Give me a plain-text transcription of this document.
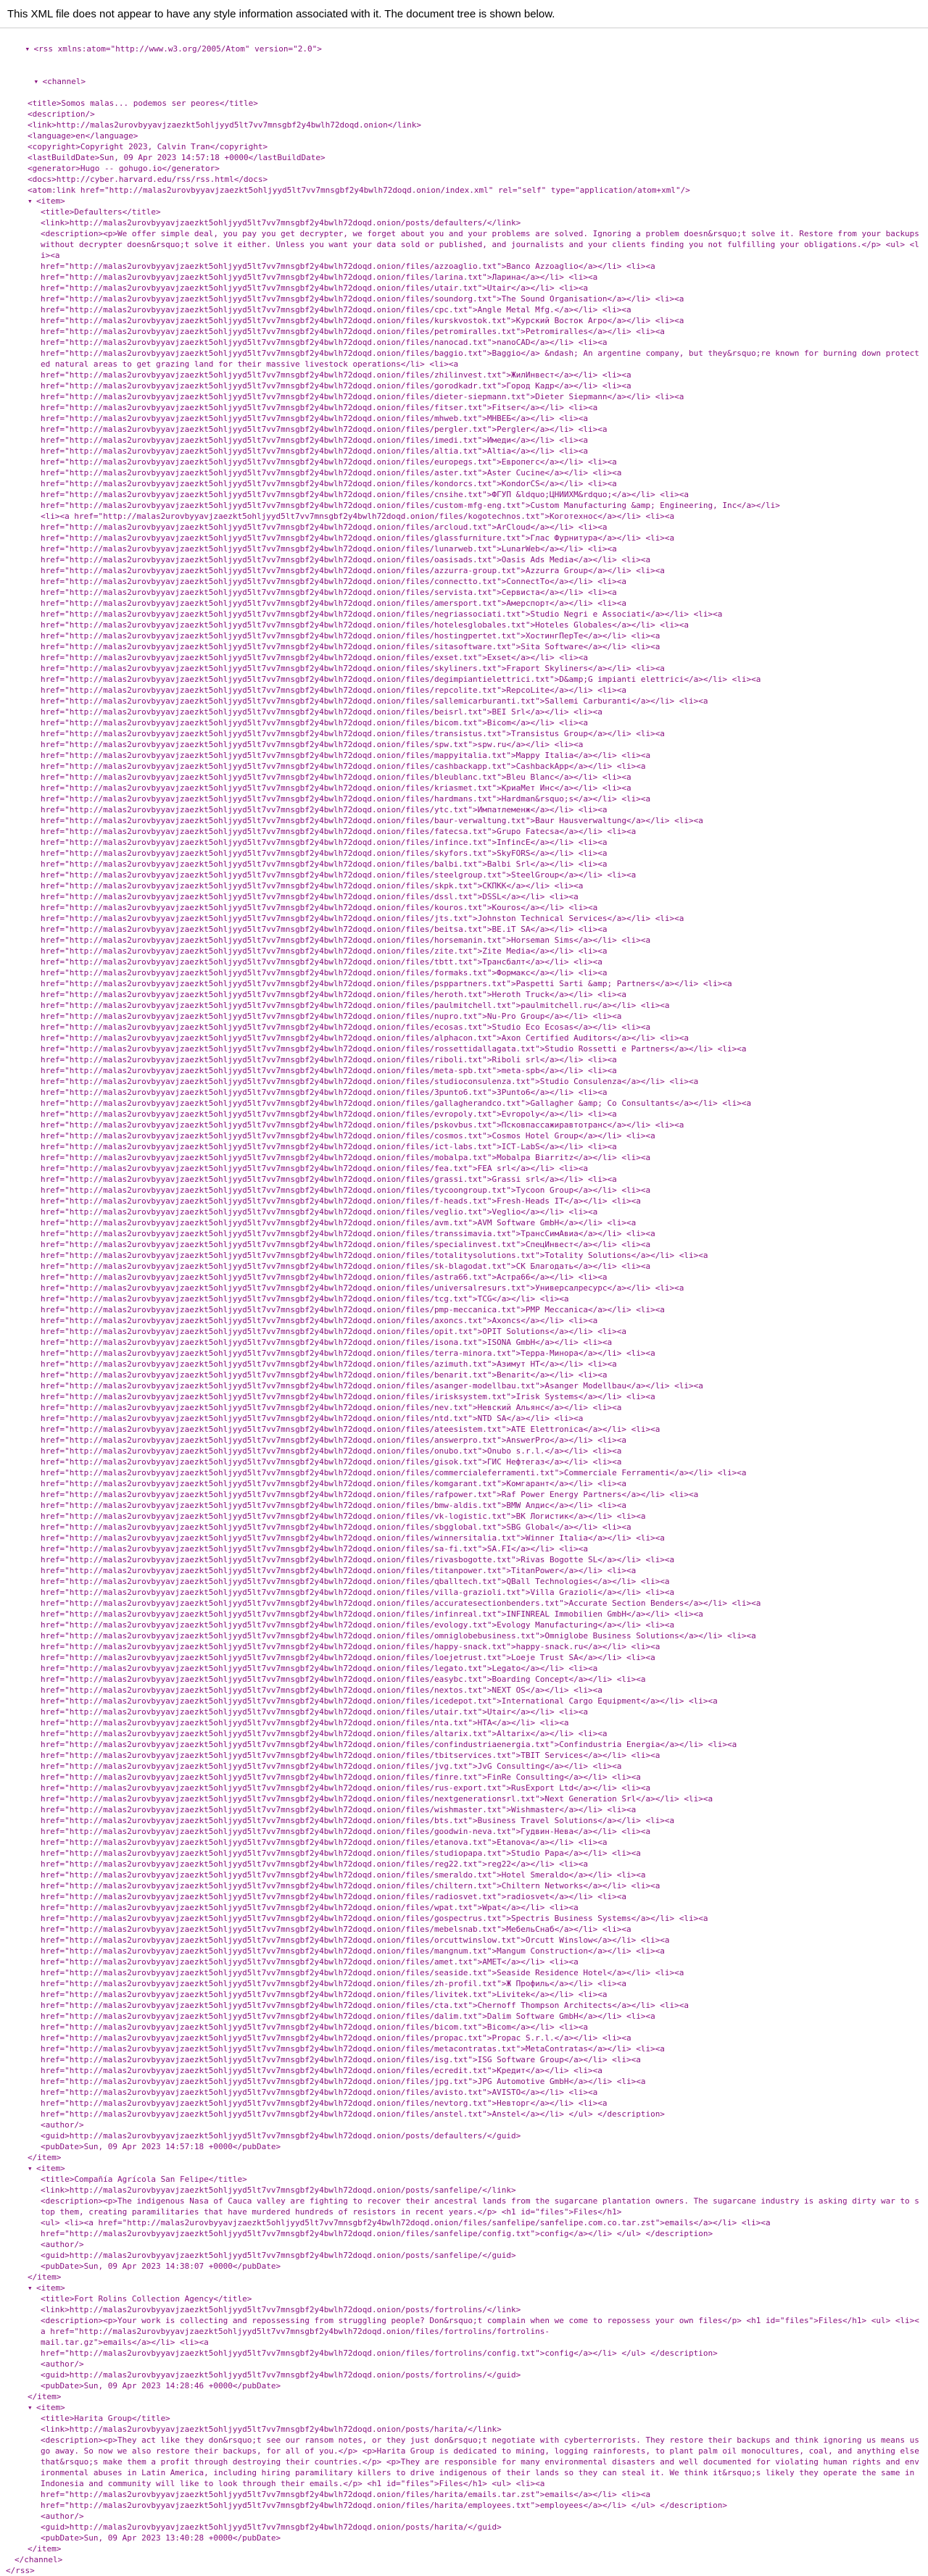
This XML file does not appear to have any style information associated with it. The document tree is shown below.

▾ <rss xmlns:atom="http://www.w3.org/2005/Atom" version="2.0">

▾ <channel>

<title>Somos malas... podemos ser peores</title>
<description/>
<link>http://malas2urovbyyavjzaezkt5ohljyyd5lt7vv7mnsgbf2y4bwlh72doqd.onion</link>
<language>en</language>
<copyright>Copyright 2023, Calvin Tran</copyright>
<lastBuildDate>Sun, 09 Apr 2023 14:57:18 +0000</lastBuildDate>
<generator>Hugo -- gohugo.io</generator>
<docs>http://cyber.harvard.edu/rss/rss.html</docs>
<atom:link href="http://malas2urovbyyavjzaezkt5ohljyyd5lt7vv7mnsgbf2y4bwlh72doqd.onion/index.xml" rel="self" type="application/atom+xml"/>
▾ <item>
<title>Defaulters</title>
<link>http://malas2urovbyyavjzaezkt5ohljyyd5lt7vv7mnsgbf2y4bwlh72doqd.onion/posts/defaulters/</link>
<description><p>We offer simple deal, you pay you get decrypter, we forget about you and your problems are solved. Ignoring a problem doesn&rsquo;t solve it. Restore from your backups without decrypter doesn&rsquo;t solve it either. Unless you want your data sold or published, and journalists and your clients finding you not fulfilling your obligations.</p> <ul> <li><a
href="http://malas2urovbyyavjzaezkt5ohljyyd5lt7vv7mnsgbf2y4bwlh72doqd.onion/files/azzoaglio.txt">Banco Azzoaglio</a></li> <li><a
href="http://malas2urovbyyavjzaezkt5ohljyyd5lt7vv7mnsgbf2y4bwlh72doqd.onion/files/larina.txt">Ларина</a></li> <li><a
href="http://malas2urovbyyavjzaezkt5ohljyyd5lt7vv7mnsgbf2y4bwlh72doqd.onion/files/utair.txt">Utair</a></li> <li><a
href="http://malas2urovbyyavjzaezkt5ohljyyd5lt7vv7mnsgbf2y4bwlh72doqd.onion/files/soundorg.txt">The Sound Organisation</a></li> <li><a
href="http://malas2urovbyyavjzaezkt5ohljyyd5lt7vv7mnsgbf2y4bwlh72doqd.onion/files/cpc.txt">Angle Metal Mfg.</a></li> <li><a
href="http://malas2urovbyyavjzaezkt5ohljyyd5lt7vv7mnsgbf2y4bwlh72doqd.onion/files/kurskvostok.txt">Курский Восток Агро</a></li> <li><a
href="http://malas2urovbyyavjzaezkt5ohljyyd5lt7vv7mnsgbf2y4bwlh72doqd.onion/files/petromiralles.txt">Petromiralles</a></li> <li><a
href="http://malas2urovbyyavjzaezkt5ohljyyd5lt7vv7mnsgbf2y4bwlh72doqd.onion/files/nanocad.txt">nanoCAD</a></li> <li><a
href="http://malas2urovbyyavjzaezkt5ohljyyd5lt7vv7mnsgbf2y4bwlh72doqd.onion/files/baggio.txt">Baggio</a> &ndash; An argentine company, but they&rsquo;re known for burning down protected natural areas to get grazing land for their massive livestock operations</li> <li><a
href="http://malas2urovbyyavjzaezkt5ohljyyd5lt7vv7mnsgbf2y4bwlh72doqd.onion/files/zhilinvest.txt">ЖилИнвест</a></li> <li><a
href="http://malas2urovbyyavjzaezkt5ohljyyd5lt7vv7mnsgbf2y4bwlh72doqd.onion/files/gorodkadr.txt">Город Кадр</a></li> <li><a
href="http://malas2urovbyyavjzaezkt5ohljyyd5lt7vv7mnsgbf2y4bwlh72doqd.onion/files/dieter-siepmann.txt">Dieter Siepmann</a></li> <li><a
href="http://malas2urovbyyavjzaezkt5ohljyyd5lt7vv7mnsgbf2y4bwlh72doqd.onion/files/fitser.txt">Fitser</a></li> <li><a
href="http://malas2urovbyyavjzaezkt5ohljyyd5lt7vv7mnsgbf2y4bwlh72doqd.onion/files/mhweb.txt">МНВЕБ</a></li> <li><a
href="http://malas2urovbyyavjzaezkt5ohljyyd5lt7vv7mnsgbf2y4bwlh72doqd.onion/files/pergler.txt">Pergler</a></li> <li><a
href="http://malas2urovbyyavjzaezkt5ohljyyd5lt7vv7mnsgbf2y4bwlh72doqd.onion/files/imedi.txt">Имеди</a></li> <li><a
href="http://malas2urovbyyavjzaezkt5ohljyyd5lt7vv7mnsgbf2y4bwlh72doqd.onion/files/altia.txt">Altia</a></li> <li><a
href="http://malas2urovbyyavjzaezkt5ohljyyd5lt7vv7mnsgbf2y4bwlh72doqd.onion/files/europegs.txt">Европегс</a></li> <li><a
href="http://malas2urovbyyavjzaezkt5ohljyyd5lt7vv7mnsgbf2y4bwlh72doqd.onion/files/aster.txt">Aster Cucine</a></li> <li><a
href="http://malas2urovbyyavjzaezkt5ohljyyd5lt7vv7mnsgbf2y4bwlh72doqd.onion/files/kondorcs.txt">KondorCS</a></li> <li><a
href="http://malas2urovbyyavjzaezkt5ohljyyd5lt7vv7mnsgbf2y4bwlh72doqd.onion/files/cnsihe.txt">ФГУП &ldquo;ЦНИИХМ&rdquo;</a></li> <li><a
href="http://malas2urovbyyavjzaezkt5ohljyyd5lt7vv7mnsgbf2y4bwlh72doqd.onion/files/custom-mfg-eng.txt">Custom Manufacturing &amp; Engineering, Inc</a></li>
<li><a href="http://malas2urovbyyavjzaezkt5ohljyyd5lt7vv7mnsgbf2y4bwlh72doqd.onion/files/kogotechnos.txt">Коготехнос</a></li> <li><a
href="http://malas2urovbyyavjzaezkt5ohljyyd5lt7vv7mnsgbf2y4bwlh72doqd.onion/files/arcloud.txt">ArCloud</a></li> <li><a
href="http://malas2urovbyyavjzaezkt5ohljyyd5lt7vv7mnsgbf2y4bwlh72doqd.onion/files/glassfurniture.txt">Глас Фурнитура</a></li> <li><a
href="http://malas2urovbyyavjzaezkt5ohljyyd5lt7vv7mnsgbf2y4bwlh72doqd.onion/files/lunarweb.txt">LunarWeb</a></li> <li><a
href="http://malas2urovbyyavjzaezkt5ohljyyd5lt7vv7mnsgbf2y4bwlh72doqd.onion/files/oasisads.txt">Oasis Ads Media</a></li> <li><a
href="http://malas2urovbyyavjzaezkt5ohljyyd5lt7vv7mnsgbf2y4bwlh72doqd.onion/files/azzurra-group.txt">Azzurra Group</a></li> <li><a
href="http://malas2urovbyyavjzaezkt5ohljyyd5lt7vv7mnsgbf2y4bwlh72doqd.onion/files/connectto.txt">ConnectTo</a></li> <li><a
href="http://malas2urovbyyavjzaezkt5ohljyyd5lt7vv7mnsgbf2y4bwlh72doqd.onion/files/servista.txt">Сервиста</a></li> <li><a
href="http://malas2urovbyyavjzaezkt5ohljyyd5lt7vv7mnsgbf2y4bwlh72doqd.onion/files/amersport.txt">Амерспорт</a></li> <li><a
href="http://malas2urovbyyavjzaezkt5ohljyyd5lt7vv7mnsgbf2y4bwlh72doqd.onion/files/negriassociati.txt">Studio Negri e Associati</a></li> <li><a
href="http://malas2urovbyyavjzaezkt5ohljyyd5lt7vv7mnsgbf2y4bwlh72doqd.onion/files/hotelesglobales.txt">Hoteles Globales</a></li> <li><a
href="http://malas2urovbyyavjzaezkt5ohljyyd5lt7vv7mnsgbf2y4bwlh72doqd.onion/files/hostingpertet.txt">ХостингПерТе</a></li> <li><a
href="http://malas2urovbyyavjzaezkt5ohljyyd5lt7vv7mnsgbf2y4bwlh72doqd.onion/files/sitasoftware.txt">Sita Software</a></li> <li><a
href="http://malas2urovbyyavjzaezkt5ohljyyd5lt7vv7mnsgbf2y4bwlh72doqd.onion/files/exset.txt">Exset</a></li> <li><a
href="http://malas2urovbyyavjzaezkt5ohljyyd5lt7vv7mnsgbf2y4bwlh72doqd.onion/files/skyliners.txt">Fraport Skyliners</a></li> <li><a
href="http://malas2urovbyyavjzaezkt5ohljyyd5lt7vv7mnsgbf2y4bwlh72doqd.onion/files/degimpiantielettrici.txt">D&amp;G impianti elettrici</a></li> <li><a
href="http://malas2urovbyyavjzaezkt5ohljyyd5lt7vv7mnsgbf2y4bwlh72doqd.onion/files/repcolite.txt">RepcoLite</a></li> <li><a
href="http://malas2urovbyyavjzaezkt5ohljyyd5lt7vv7mnsgbf2y4bwlh72doqd.onion/files/sallemicarburanti.txt">Sallemi Carburanti</a></li> <li><a
href="http://malas2urovbyyavjzaezkt5ohljyyd5lt7vv7mnsgbf2y4bwlh72doqd.onion/files/beisrl.txt">BEI Srl</a></li> <li><a
href="http://malas2urovbyyavjzaezkt5ohljyyd5lt7vv7mnsgbf2y4bwlh72doqd.onion/files/bicom.txt">Bicom</a></li> <li><a
href="http://malas2urovbyyavjzaezkt5ohljyyd5lt7vv7mnsgbf2y4bwlh72doqd.onion/files/transistus.txt">Transistus Group</a></li> <li><a
href="http://malas2urovbyyavjzaezkt5ohljyyd5lt7vv7mnsgbf2y4bwlh72doqd.onion/files/spw.txt">spw.ru</a></li> <li><a
href="http://malas2urovbyyavjzaezkt5ohljyyd5lt7vv7mnsgbf2y4bwlh72doqd.onion/files/mappyitalia.txt">Mappy Italia</a></li> <li><a
href="http://malas2urovbyyavjzaezkt5ohljyyd5lt7vv7mnsgbf2y4bwlh72doqd.onion/files/cashbackapp.txt">CashbackApp</a></li> <li><a
href="http://malas2urovbyyavjzaezkt5ohljyyd5lt7vv7mnsgbf2y4bwlh72doqd.onion/files/bleublanc.txt">Bleu Blanc</a></li> <li><a
href="http://malas2urovbyyavjzaezkt5ohljyyd5lt7vv7mnsgbf2y4bwlh72doqd.onion/files/kriasmet.txt">КриаМет Инс</a></li> <li><a
href="http://malas2urovbyyavjzaezkt5ohljyyd5lt7vv7mnsgbf2y4bwlh72doqd.onion/files/hardmans.txt">Hardman&rsquo;s</a></li> <li><a
href="http://malas2urovbyyavjzaezkt5ohljyyd5lt7vv7mnsgbf2y4bwlh72doqd.onion/files/ytc.txt">Импатлеменж</a></li> <li><a
href="http://malas2urovbyyavjzaezkt5ohljyyd5lt7vv7mnsgbf2y4bwlh72doqd.onion/files/baur-verwaltung.txt">Baur Hausverwaltung</a></li> <li><a
href="http://malas2urovbyyavjzaezkt5ohljyyd5lt7vv7mnsgbf2y4bwlh72doqd.onion/files/fatecsa.txt">Grupo Fatecsa</a></li> <li><a
href="http://malas2urovbyyavjzaezkt5ohljyyd5lt7vv7mnsgbf2y4bwlh72doqd.onion/files/infince.txt">InfincE</a></li> <li><a
href="http://malas2urovbyyavjzaezkt5ohljyyd5lt7vv7mnsgbf2y4bwlh72doqd.onion/files/skyfors.txt">SkyFORS</a></li> <li><a
href="http://malas2urovbyyavjzaezkt5ohljyyd5lt7vv7mnsgbf2y4bwlh72doqd.onion/files/balbi.txt">Balbi Srl</a></li> <li><a
href="http://malas2urovbyyavjzaezkt5ohljyyd5lt7vv7mnsgbf2y4bwlh72doqd.onion/files/steelgroup.txt">SteelGroup</a></li> <li><a
href="http://malas2urovbyyavjzaezkt5ohljyyd5lt7vv7mnsgbf2y4bwlh72doqd.onion/files/skpk.txt">СКПКК</a></li> <li><a
href="http://malas2urovbyyavjzaezkt5ohljyyd5lt7vv7mnsgbf2y4bwlh72doqd.onion/files/dssl.txt">DSSL</a></li> <li><a
href="http://malas2urovbyyavjzaezkt5ohljyyd5lt7vv7mnsgbf2y4bwlh72doqd.onion/files/kouros.txt">Kouros</a></li> <li><a
href="http://malas2urovbyyavjzaezkt5ohljyyd5lt7vv7mnsgbf2y4bwlh72doqd.onion/files/jts.txt">Johnston Technical Services</a></li> <li><a
href="http://malas2urovbyyavjzaezkt5ohljyyd5lt7vv7mnsgbf2y4bwlh72doqd.onion/files/beitsa.txt">BE.iT SA</a></li> <li><a
href="http://malas2urovbyyavjzaezkt5ohljyyd5lt7vv7mnsgbf2y4bwlh72doqd.onion/files/horsemanin.txt">Horseman Sims</a></li> <li><a
href="http://malas2urovbyyavjzaezkt5ohljyyd5lt7vv7mnsgbf2y4bwlh72doqd.onion/files/zite.txt">Zite Media</a></li> <li><a
href="http://malas2urovbyyavjzaezkt5ohljyyd5lt7vv7mnsgbf2y4bwlh72doqd.onion/files/tbtt.txt">Трансбалт</a></li> <li><a
href="http://malas2urovbyyavjzaezkt5ohljyyd5lt7vv7mnsgbf2y4bwlh72doqd.onion/files/formaks.txt">Формакс</a></li> <li><a
href="http://malas2urovbyyavjzaezkt5ohljyyd5lt7vv7mnsgbf2y4bwlh72doqd.onion/files/psppartners.txt">Paspetti Sarti &amp; Partners</a></li> <li><a
href="http://malas2urovbyyavjzaezkt5ohljyyd5lt7vv7mnsgbf2y4bwlh72doqd.onion/files/heroth.txt">Heroth Truck</a></li> <li><a
href="http://malas2urovbyyavjzaezkt5ohljyyd5lt7vv7mnsgbf2y4bwlh72doqd.onion/files/paulmitchell.txt">paulmitchell.ru</a></li> <li><a
href="http://malas2urovbyyavjzaezkt5ohljyyd5lt7vv7mnsgbf2y4bwlh72doqd.onion/files/nupro.txt">Nu-Pro Group</a></li> <li><a
href="http://malas2urovbyyavjzaezkt5ohljyyd5lt7vv7mnsgbf2y4bwlh72doqd.onion/files/ecosas.txt">Studio Eco Ecosas</a></li> <li><a
href="http://malas2urovbyyavjzaezkt5ohljyyd5lt7vv7mnsgbf2y4bwlh72doqd.onion/files/alphacon.txt">Axon Certified Auditors</a></li> <li><a
href="http://malas2urovbyyavjzaezkt5ohljyyd5lt7vv7mnsgbf2y4bwlh72doqd.onion/files/rossettidallagata.txt">Studio Rossetti e Partners</a></li> <li><a
href="http://malas2urovbyyavjzaezkt5ohljyyd5lt7vv7mnsgbf2y4bwlh72doqd.onion/files/riboli.txt">Riboli srl</a></li> <li><a
href="http://malas2urovbyyavjzaezkt5ohljyyd5lt7vv7mnsgbf2y4bwlh72doqd.onion/files/meta-spb.txt">meta-spb</a></li> <li><a
href="http://malas2urovbyyavjzaezkt5ohljyyd5lt7vv7mnsgbf2y4bwlh72doqd.onion/files/studioconsulenza.txt">Studio Consulenza</a></li> <li><a
href="http://malas2urovbyyavjzaezkt5ohljyyd5lt7vv7mnsgbf2y4bwlh72doqd.onion/files/3punto6.txt">3Punto6</a></li> <li><a
href="http://malas2urovbyyavjzaezkt5ohljyyd5lt7vv7mnsgbf2y4bwlh72doqd.onion/files/gallagherandco.txt">Gallagher &amp; Co Consultants</a></li> <li><a
href="http://malas2urovbyyavjzaezkt5ohljyyd5lt7vv7mnsgbf2y4bwlh72doqd.onion/files/evropoly.txt">Evropoly</a></li> <li><a
href="http://malas2urovbyyavjzaezkt5ohljyyd5lt7vv7mnsgbf2y4bwlh72doqd.onion/files/pskovbus.txt">Псковпассажиравтотранс</a></li> <li><a
href="http://malas2urovbyyavjzaezkt5ohljyyd5lt7vv7mnsgbf2y4bwlh72doqd.onion/files/cosmos.txt">Cosmos Hotel Group</a></li> <li><a
href="http://malas2urovbyyavjzaezkt5ohljyyd5lt7vv7mnsgbf2y4bwlh72doqd.onion/files/ict-labs.txt">ICT-LabS</a></li> <li><a
href="http://malas2urovbyyavjzaezkt5ohljyyd5lt7vv7mnsgbf2y4bwlh72doqd.onion/files/mobalpa.txt">Mobalpa Biarritz</a></li> <li><a
href="http://malas2urovbyyavjzaezkt5ohljyyd5lt7vv7mnsgbf2y4bwlh72doqd.onion/files/fea.txt">FEA srl</a></li> <li><a
href="http://malas2urovbyyavjzaezkt5ohljyyd5lt7vv7mnsgbf2y4bwlh72doqd.onion/files/grassi.txt">Grassi srl</a></li> <li><a
href="http://malas2urovbyyavjzaezkt5ohljyyd5lt7vv7mnsgbf2y4bwlh72doqd.onion/files/tycoongroup.txt">Tycoon Group</a></li> <li><a
href="http://malas2urovbyyavjzaezkt5ohljyyd5lt7vv7mnsgbf2y4bwlh72doqd.onion/files/f-heads.txt">Fresh-Heads IT</a></li> <li><a
href="http://malas2urovbyyavjzaezkt5ohljyyd5lt7vv7mnsgbf2y4bwlh72doqd.onion/files/veglio.txt">Veglio</a></li> <li><a
href="http://malas2urovbyyavjzaezkt5ohljyyd5lt7vv7mnsgbf2y4bwlh72doqd.onion/files/avm.txt">AVM Software GmbH</a></li> <li><a
href="http://malas2urovbyyavjzaezkt5ohljyyd5lt7vv7mnsgbf2y4bwlh72doqd.onion/files/transsimavia.txt">ТрансСимАвиа</a></li> <li><a
href="http://malas2urovbyyavjzaezkt5ohljyyd5lt7vv7mnsgbf2y4bwlh72doqd.onion/files/specialinvest.txt">СпецИнвест</a></li> <li><a
href="http://malas2urovbyyavjzaezkt5ohljyyd5lt7vv7mnsgbf2y4bwlh72doqd.onion/files/totalitysolutions.txt">Totality Solutions</a></li> <li><a
href="http://malas2urovbyyavjzaezkt5ohljyyd5lt7vv7mnsgbf2y4bwlh72doqd.onion/files/sk-blagodat.txt">СК Благодать</a></li> <li><a
href="http://malas2urovbyyavjzaezkt5ohljyyd5lt7vv7mnsgbf2y4bwlh72doqd.onion/files/astra66.txt">Астра66</a></li> <li><a
href="http://malas2urovbyyavjzaezkt5ohljyyd5lt7vv7mnsgbf2y4bwlh72doqd.onion/files/universalresurs.txt">Универсалресурс</a></li> <li><a
href="http://malas2urovbyyavjzaezkt5ohljyyd5lt7vv7mnsgbf2y4bwlh72doqd.onion/files/tcg.txt">TCG</a></li> <li><a
href="http://malas2urovbyyavjzaezkt5ohljyyd5lt7vv7mnsgbf2y4bwlh72doqd.onion/files/pmp-meccanica.txt">PMP Meccanica</a></li> <li><a
href="http://malas2urovbyyavjzaezkt5ohljyyd5lt7vv7mnsgbf2y4bwlh72doqd.onion/files/axoncs.txt">Axoncs</a></li> <li><a
href="http://malas2urovbyyavjzaezkt5ohljyyd5lt7vv7mnsgbf2y4bwlh72doqd.onion/files/opit.txt">OPIT Solutions</a></li> <li><a
href="http://malas2urovbyyavjzaezkt5ohljyyd5lt7vv7mnsgbf2y4bwlh72doqd.onion/files/isona.txt">ISONA GmbH</a></li> <li><a
href="http://malas2urovbyyavjzaezkt5ohljyyd5lt7vv7mnsgbf2y4bwlh72doqd.onion/files/terra-minora.txt">Терра-Минора</a></li> <li><a
href="http://malas2urovbyyavjzaezkt5ohljyyd5lt7vv7mnsgbf2y4bwlh72doqd.onion/files/azimuth.txt">Азимут НТ</a></li> <li><a
href="http://malas2urovbyyavjzaezkt5ohljyyd5lt7vv7mnsgbf2y4bwlh72doqd.onion/files/benarit.txt">Benarit</a></li> <li><a
href="http://malas2urovbyyavjzaezkt5ohljyyd5lt7vv7mnsgbf2y4bwlh72doqd.onion/files/asanger-modellbau.txt">Asanger Modellbau</a></li> <li><a
href="http://malas2urovbyyavjzaezkt5ohljyyd5lt7vv7mnsgbf2y4bwlh72doqd.onion/files/irisksystem.txt">Irisk Systems</a></li> <li><a
href="http://malas2urovbyyavjzaezkt5ohljyyd5lt7vv7mnsgbf2y4bwlh72doqd.onion/files/nev.txt">Невский Альянс</a></li> <li><a
href="http://malas2urovbyyavjzaezkt5ohljyyd5lt7vv7mnsgbf2y4bwlh72doqd.onion/files/ntd.txt">NTD SA</a></li> <li><a
href="http://malas2urovbyyavjzaezkt5ohljyyd5lt7vv7mnsgbf2y4bwlh72doqd.onion/files/ateesistem.txt">ATE Elettronica</a></li> <li><a
href="http://malas2urovbyyavjzaezkt5ohljyyd5lt7vv7mnsgbf2y4bwlh72doqd.onion/files/answerpro.txt">AnswerPro</a></li> <li><a
href="http://malas2urovbyyavjzaezkt5ohljyyd5lt7vv7mnsgbf2y4bwlh72doqd.onion/files/onubo.txt">Onubo s.r.l.</a></li> <li><a
href="http://malas2urovbyyavjzaezkt5ohljyyd5lt7vv7mnsgbf2y4bwlh72doqd.onion/files/gisok.txt">ГИС Нефтегаз</a></li> <li><a
href="http://malas2urovbyyavjzaezkt5ohljyyd5lt7vv7mnsgbf2y4bwlh72doqd.onion/files/commercialeferramenti.txt">Commerciale Ferramenti</a></li> <li><a
href="http://malas2urovbyyavjzaezkt5ohljyyd5lt7vv7mnsgbf2y4bwlh72doqd.onion/files/komgarant.txt">Комгарант</a></li> <li><a
href="http://malas2urovbyyavjzaezkt5ohljyyd5lt7vv7mnsgbf2y4bwlh72doqd.onion/files/rafpower.txt">Raf Power Energy Partners</a></li> <li><a
href="http://malas2urovbyyavjzaezkt5ohljyyd5lt7vv7mnsgbf2y4bwlh72doqd.onion/files/bmw-aldis.txt">BMW Алдис</a></li> <li><a
href="http://malas2urovbyyavjzaezkt5ohljyyd5lt7vv7mnsgbf2y4bwlh72doqd.onion/files/vk-logistic.txt">ВК Логистик</a></li> <li><a
href="http://malas2urovbyyavjzaezkt5ohljyyd5lt7vv7mnsgbf2y4bwlh72doqd.onion/files/sbgglobal.txt">SBG Global</a></li> <li><a
href="http://malas2urovbyyavjzaezkt5ohljyyd5lt7vv7mnsgbf2y4bwlh72doqd.onion/files/winnersitalia.txt">Winner Italia</a></li> <li><a
href="http://malas2urovbyyavjzaezkt5ohljyyd5lt7vv7mnsgbf2y4bwlh72doqd.onion/files/sa-fi.txt">SA.FI</a></li> <li><a
href="http://malas2urovbyyavjzaezkt5ohljyyd5lt7vv7mnsgbf2y4bwlh72doqd.onion/files/rivasbogotte.txt">Rivas Bogotte SL</a></li> <li><a
href="http://malas2urovbyyavjzaezkt5ohljyyd5lt7vv7mnsgbf2y4bwlh72doqd.onion/files/titanpower.txt">TitanPower</a></li> <li><a
href="http://malas2urovbyyavjzaezkt5ohljyyd5lt7vv7mnsgbf2y4bwlh72doqd.onion/files/qballtech.txt">QBall Technologies</a></li> <li><a
href="http://malas2urovbyyavjzaezkt5ohljyyd5lt7vv7mnsgbf2y4bwlh72doqd.onion/files/villa-grazioli.txt">Villa Grazioli</a></li> <li><a
href="http://malas2urovbyyavjzaezkt5ohljyyd5lt7vv7mnsgbf2y4bwlh72doqd.onion/files/accuratesectionbenders.txt">Accurate Section Benders</a></li> <li><a
href="http://malas2urovbyyavjzaezkt5ohljyyd5lt7vv7mnsgbf2y4bwlh72doqd.onion/files/infinreal.txt">INFINREAL Immobilien GmbH</a></li> <li><a
href="http://malas2urovbyyavjzaezkt5ohljyyd5lt7vv7mnsgbf2y4bwlh72doqd.onion/files/evology.txt">Evology Manufacturing</a></li> <li><a
href="http://malas2urovbyyavjzaezkt5ohljyyd5lt7vv7mnsgbf2y4bwlh72doqd.onion/files/omniglobebusiness.txt">Omniglobe Business Solutions</a></li> <li><a
href="http://malas2urovbyyavjzaezkt5ohljyyd5lt7vv7mnsgbf2y4bwlh72doqd.onion/files/happy-snack.txt">happy-snack.ru</a></li> <li><a
href="http://malas2urovbyyavjzaezkt5ohljyyd5lt7vv7mnsgbf2y4bwlh72doqd.onion/files/loejetrust.txt">Loeje Trust SA</a></li> <li><a
href="http://malas2urovbyyavjzaezkt5ohljyyd5lt7vv7mnsgbf2y4bwlh72doqd.onion/files/legato.txt">Legato</a></li> <li><a
href="http://malas2urovbyyavjzaezkt5ohljyyd5lt7vv7mnsgbf2y4bwlh72doqd.onion/files/easybc.txt">Boarding Concept</a></li> <li><a
href="http://malas2urovbyyavjzaezkt5ohljyyd5lt7vv7mnsgbf2y4bwlh72doqd.onion/files/nextos.txt">NEXT OS</a></li> <li><a
href="http://malas2urovbyyavjzaezkt5ohljyyd5lt7vv7mnsgbf2y4bwlh72doqd.onion/files/icedepot.txt">International Cargo Equipment</a></li> <li><a
href="http://malas2urovbyyavjzaezkt5ohljyyd5lt7vv7mnsgbf2y4bwlh72doqd.onion/files/utair.txt">Utair</a></li> <li><a
href="http://malas2urovbyyavjzaezkt5ohljyyd5lt7vv7mnsgbf2y4bwlh72doqd.onion/files/nta.txt">НТА</a></li> <li><a
href="http://malas2urovbyyavjzaezkt5ohljyyd5lt7vv7mnsgbf2y4bwlh72doqd.onion/files/altarix.txt">Altarix</a></li> <li><a
href="http://malas2urovbyyavjzaezkt5ohljyyd5lt7vv7mnsgbf2y4bwlh72doqd.onion/files/confindustriaenergia.txt">Confindustria Energia</a></li> <li><a
href="http://malas2urovbyyavjzaezkt5ohljyyd5lt7vv7mnsgbf2y4bwlh72doqd.onion/files/tbitservices.txt">TBIT Services</a></li> <li><a
href="http://malas2urovbyyavjzaezkt5ohljyyd5lt7vv7mnsgbf2y4bwlh72doqd.onion/files/jvg.txt">JvG Consulting</a></li> <li><a
href="http://malas2urovbyyavjzaezkt5ohljyyd5lt7vv7mnsgbf2y4bwlh72doqd.onion/files/finre.txt">FinRe Consulting</a></li> <li><a
href="http://malas2urovbyyavjzaezkt5ohljyyd5lt7vv7mnsgbf2y4bwlh72doqd.onion/files/rus-export.txt">RusExport Ltd</a></li> <li><a
href="http://malas2urovbyyavjzaezkt5ohljyyd5lt7vv7mnsgbf2y4bwlh72doqd.onion/files/nextgenerationsrl.txt">Next Generation Srl</a></li> <li><a
href="http://malas2urovbyyavjzaezkt5ohljyyd5lt7vv7mnsgbf2y4bwlh72doqd.onion/files/wishmaster.txt">Wishmaster</a></li> <li><a
href="http://malas2urovbyyavjzaezkt5ohljyyd5lt7vv7mnsgbf2y4bwlh72doqd.onion/files/bts.txt">Business Travel Solutions</a></li> <li><a
href="http://malas2urovbyyavjzaezkt5ohljyyd5lt7vv7mnsgbf2y4bwlh72doqd.onion/files/goodwin-neva.txt">Гудвин-Нева</a></li> <li><a
href="http://malas2urovbyyavjzaezkt5ohljyyd5lt7vv7mnsgbf2y4bwlh72doqd.onion/files/etanova.txt">Etanova</a></li> <li><a
href="http://malas2urovbyyavjzaezkt5ohljyyd5lt7vv7mnsgbf2y4bwlh72doqd.onion/files/studiopapa.txt">Studio Papa</a></li> <li><a
href="http://malas2urovbyyavjzaezkt5ohljyyd5lt7vv7mnsgbf2y4bwlh72doqd.onion/files/reg22.txt">reg22</a></li> <li><a
href="http://malas2urovbyyavjzaezkt5ohljyyd5lt7vv7mnsgbf2y4bwlh72doqd.onion/files/smeraldo.txt">Hotel Smeraldo</a></li> <li><a
href="http://malas2urovbyyavjzaezkt5ohljyyd5lt7vv7mnsgbf2y4bwlh72doqd.onion/files/chiltern.txt">Chiltern Networks</a></li> <li><a
href="http://malas2urovbyyavjzaezkt5ohljyyd5lt7vv7mnsgbf2y4bwlh72doqd.onion/files/radiosvet.txt">radiosvet</a></li> <li><a
href="http://malas2urovbyyavjzaezkt5ohljyyd5lt7vv7mnsgbf2y4bwlh72doqd.onion/files/wpat.txt">Wpat</a></li> <li><a
href="http://malas2urovbyyavjzaezkt5ohljyyd5lt7vv7mnsgbf2y4bwlh72doqd.onion/files/gospectrus.txt">Spectris Business Systems</a></li> <li><a
href="http://malas2urovbyyavjzaezkt5ohljyyd5lt7vv7mnsgbf2y4bwlh72doqd.onion/files/mebelsnab.txt">МебельСнаб</a></li> <li><a
href="http://malas2urovbyyavjzaezkt5ohljyyd5lt7vv7mnsgbf2y4bwlh72doqd.onion/files/orcuttwinslow.txt">Orcutt Winslow</a></li> <li><a
href="http://malas2urovbyyavjzaezkt5ohljyyd5lt7vv7mnsgbf2y4bwlh72doqd.onion/files/mangnum.txt">Mangum Construction</a></li> <li><a
href="http://malas2urovbyyavjzaezkt5ohljyyd5lt7vv7mnsgbf2y4bwlh72doqd.onion/files/amet.txt">AMET</a></li> <li><a
href="http://malas2urovbyyavjzaezkt5ohljyyd5lt7vv7mnsgbf2y4bwlh72doqd.onion/files/seaside.txt">Seaside Residence Hotel</a></li> <li><a
href="http://malas2urovbyyavjzaezkt5ohljyyd5lt7vv7mnsgbf2y4bwlh72doqd.onion/files/zh-profil.txt">Ж Профиль</a></li> <li><a
href="http://malas2urovbyyavjzaezkt5ohljyyd5lt7vv7mnsgbf2y4bwlh72doqd.onion/files/livitek.txt">Livitek</a></li> <li><a
href="http://malas2urovbyyavjzaezkt5ohljyyd5lt7vv7mnsgbf2y4bwlh72doqd.onion/files/cta.txt">Chernoff Thompson Architects</a></li> <li><a
href="http://malas2urovbyyavjzaezkt5ohljyyd5lt7vv7mnsgbf2y4bwlh72doqd.onion/files/dalim.txt">Dalim Software GmbH</a></li> <li><a
href="http://malas2urovbyyavjzaezkt5ohljyyd5lt7vv7mnsgbf2y4bwlh72doqd.onion/files/bicom.txt">Bicom</a></li> <li><a
href="http://malas2urovbyyavjzaezkt5ohljyyd5lt7vv7mnsgbf2y4bwlh72doqd.onion/files/propac.txt">Propac S.r.l.</a></li> <li><a
href="http://malas2urovbyyavjzaezkt5ohljyyd5lt7vv7mnsgbf2y4bwlh72doqd.onion/files/metacontratas.txt">MetaContratas</a></li> <li><a
href="http://malas2urovbyyavjzaezkt5ohljyyd5lt7vv7mnsgbf2y4bwlh72doqd.onion/files/isg.txt">ISG Software Group</a></li> <li><a
href="http://malas2urovbyyavjzaezkt5ohljyyd5lt7vv7mnsgbf2y4bwlh72doqd.onion/files/ecredit.txt">Кредит</a></li> <li><a
href="http://malas2urovbyyavjzaezkt5ohljyyd5lt7vv7mnsgbf2y4bwlh72doqd.onion/files/jpg.txt">JPG Automotive GmbH</a></li> <li><a
href="http://malas2urovbyyavjzaezkt5ohljyyd5lt7vv7mnsgbf2y4bwlh72doqd.onion/files/avisto.txt">AVISTO</a></li> <li><a
href="http://malas2urovbyyavjzaezkt5ohljyyd5lt7vv7mnsgbf2y4bwlh72doqd.onion/files/nevtorg.txt">Невторг</a></li> <li><a
href="http://malas2urovbyyavjzaezkt5ohljyyd5lt7vv7mnsgbf2y4bwlh72doqd.onion/files/anstel.txt">Anstel</a></li> </ul> </description>
<author/>
<guid>http://malas2urovbyyavjzaezkt5ohljyyd5lt7vv7mnsgbf2y4bwlh72doqd.onion/posts/defaulters/</guid>
<pubDate>Sun, 09 Apr 2023 14:57:18 +0000</pubDate>
</item>
▾ <item>
<title>Compañía Agrícola San Felipe</title>
<link>http://malas2urovbyyavjzaezkt5ohljyyd5lt7vv7mnsgbf2y4bwlh72doqd.onion/posts/sanfelipe/</link>
<description><p>The indigenous Nasa of Cauca valley are fighting to recover their ancestral lands from the sugarcane plantation owners. The sugarcane industry is asking dirty war to stop them, creating paramilitaries that have murdered hundreds of resistors in recent years.</p> <h1 id="files">Files</h1>
<ul> <li><a href="http://malas2urovbyyavjzaezkt5ohljyyd5lt7vv7mnsgbf2y4bwlh72doqd.onion/files/sanfelipe/sanfelipe.com.co.tar.zst">emails</a></li> <li><a
href="http://malas2urovbyyavjzaezkt5ohljyyd5lt7vv7mnsgbf2y4bwlh72doqd.onion/files/sanfelipe/config.txt">config</a></li> </ul> </description>
<author/>
<guid>http://malas2urovbyyavjzaezkt5ohljyyd5lt7vv7mnsgbf2y4bwlh72doqd.onion/posts/sanfelipe/</guid>
<pubDate>Sun, 09 Apr 2023 14:38:07 +0000</pubDate>
</item>
▾ <item>
<title>Fort Rolins Collection Agency</title>
<link>http://malas2urovbyyavjzaezkt5ohljyyd5lt7vv7mnsgbf2y4bwlh72doqd.onion/posts/fortrolins/</link>
<description><p>Your work is collecting and repossessing from struggling people? Don&rsquo;t complain when we come to repossess your own files</p> <h1 id="files">Files</h1> <ul> <li><a href="http://malas2urovbyyavjzaezkt5ohljyyd5lt7vv7mnsgbf2y4bwlh72doqd.onion/files/fortrolins/fortrolins-
mail.tar.gz">emails</a></li> <li><a
href="http://malas2urovbyyavjzaezkt5ohljyyd5lt7vv7mnsgbf2y4bwlh72doqd.onion/files/fortrolins/config.txt">config</a></li> </ul> </description>
<author/>
<guid>http://malas2urovbyyavjzaezkt5ohljyyd5lt7vv7mnsgbf2y4bwlh72doqd.onion/posts/fortrolins/</guid>
<pubDate>Sun, 09 Apr 2023 14:28:46 +0000</pubDate>
</item>
▾ <item>
<title>Harita Group</title>
<link>http://malas2urovbyyavjzaezkt5ohljyyd5lt7vv7mnsgbf2y4bwlh72doqd.onion/posts/harita/</link>
<description><p>They act like they don&rsquo;t see our ransom notes, or they just don&rsquo;t negotiate with cyberterrorists. They restore their backups and think ignoring us means us go away. So now we also restore their backups, for all of you.</p> <p>Harita Group is dedicated to mining, logging rainforests, to plant palm oil monocultures, coal, and anything else that&rsquo;s make them a profit through destroying their countries.</p> <p>They are responsible for many environmental disasters and well documented for violating human rights and environmental abuses in Latin America, including hiring paramilitary killers to drive indigenous of their lands so they can steal it. We think it&rsquo;s likely they operate the same in Indonesia and community will like to look through their emails.</p> <h1 id="files">Files</h1> <ul> <li><a
href="http://malas2urovbyyavjzaezkt5ohljyyd5lt7vv7mnsgbf2y4bwlh72doqd.onion/files/harita/emails.tar.zst">emails</a></li> <li><a
href="http://malas2urovbyyavjzaezkt5ohljyyd5lt7vv7mnsgbf2y4bwlh72doqd.onion/files/harita/employees.txt">employees</a></li> </ul> </description>
<author/>
<guid>http://malas2urovbyyavjzaezkt5ohljyyd5lt7vv7mnsgbf2y4bwlh72doqd.onion/posts/harita/</guid>
<pubDate>Sun, 09 Apr 2023 13:40:28 +0000</pubDate>
</item>
</channel>
</rss>
